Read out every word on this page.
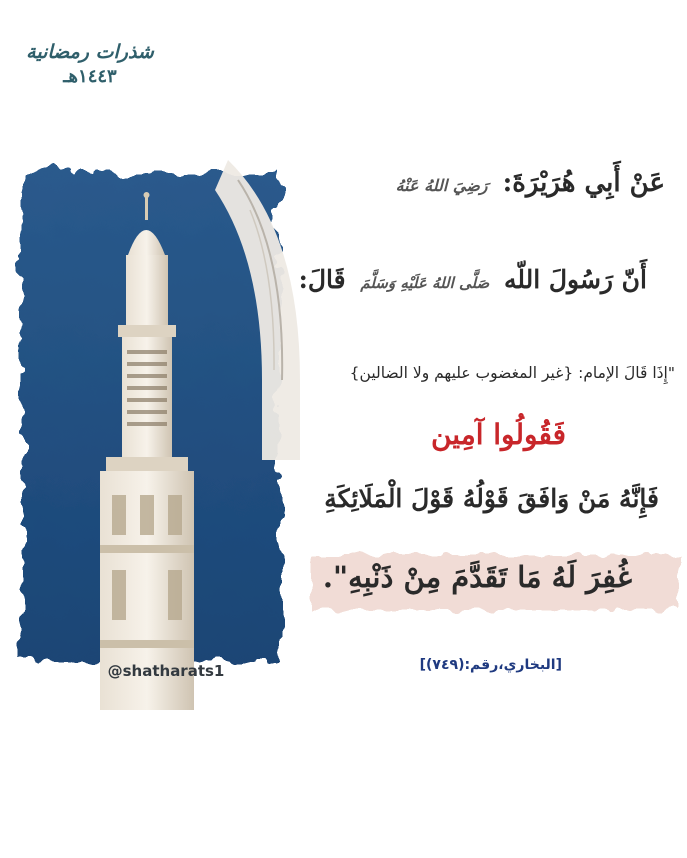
شذرات رمضانية
١٤٤٣هـ
@shatharats1
عَنْ أَبِي هُرَيْرَةَ: رَضِيَ اللهُ عَنْهُ
أَنّ رَسُولَ اللّه صَلَّى اللهُ عَلَيْهِ وَسَلَّمَ قَالَ:
"إِذَا قَالَ الإمام: {غير المغضوب عليهم ولا الضالين}
فَقُولُوا آمِين
فَإِنَّهُ مَنْ وَافَقَ قَوْلُهُ قَوْلَ الْمَلَائِكَةِ
غُفِرَ لَهُ مَا تَقَدَّمَ مِنْ ذَنْبِهِ".
[البخاري،رقم:(٧٤٩)]
